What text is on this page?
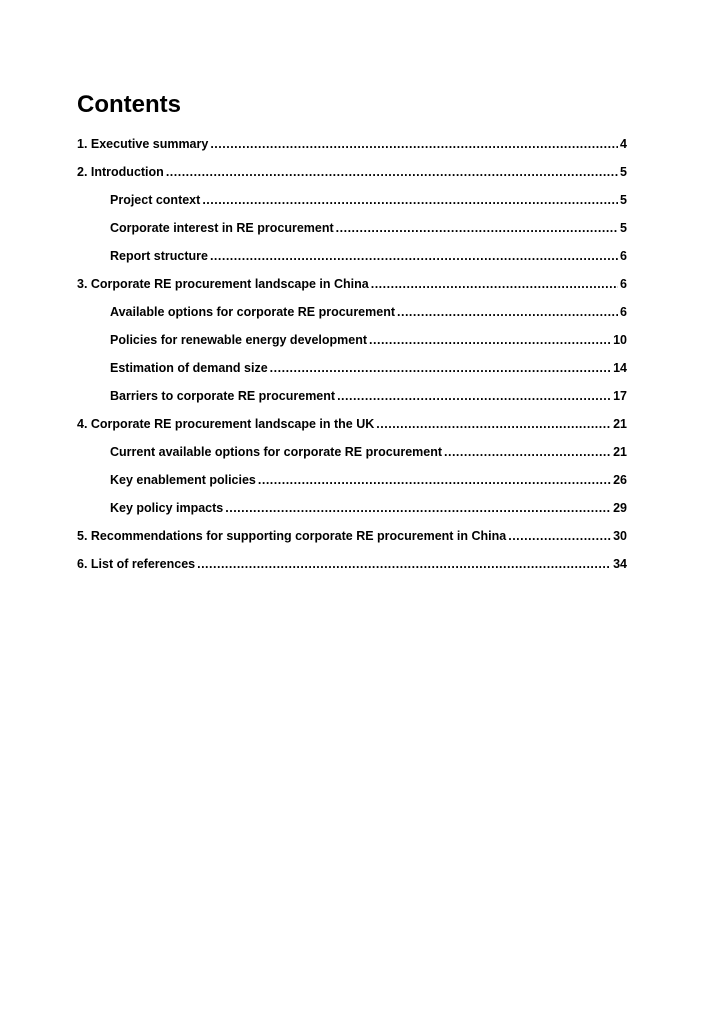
Contents
1. Executive summary .....	4
2. Introduction .....	5
Project context .....	5
Corporate interest in RE procurement .....	5
Report structure .....	6
3. Corporate RE procurement landscape in China .....	6
Available options for corporate RE procurement .....	6
Policies for renewable energy development .....	10
Estimation of demand size .....	14
Barriers to corporate RE procurement .....	17
4. Corporate RE procurement landscape in the UK .....	21
Current available options for corporate RE procurement .....	21
Key enablement policies .....	26
Key policy impacts .....	29
5. Recommendations for supporting corporate RE procurement in China .....	30
6. List of references .....	34
